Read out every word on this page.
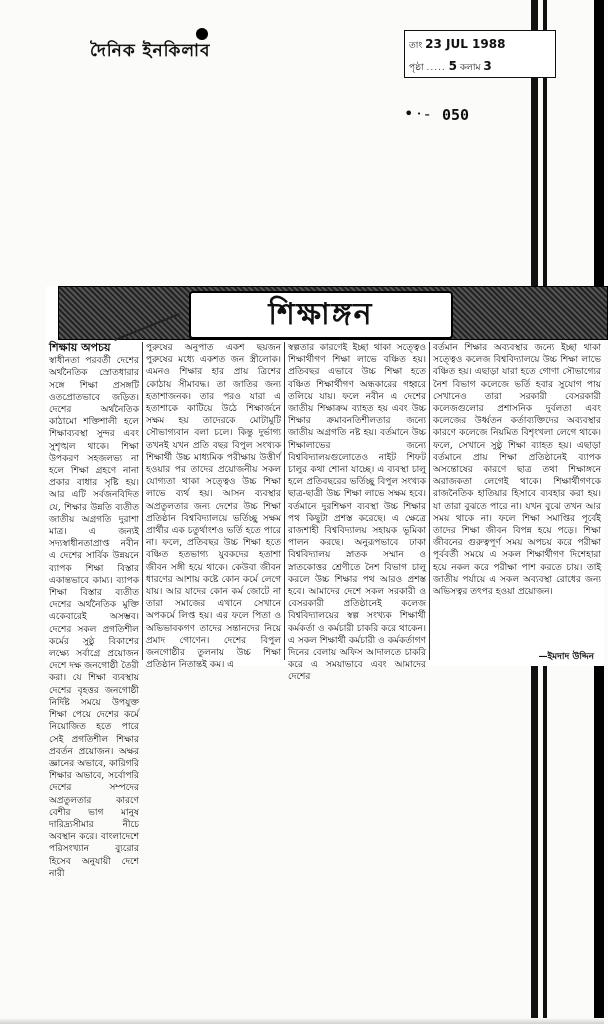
দৈনিক ইনকিলাব	তাং 23 JUL 1988
পৃষ্ঠা ..... 5 কলাম 3
•·- 050
শিক্ষাঙ্গন
শিক্ষায় অপচয়
স্বাধীনতা পরবর্তী দেশের অর্থনৈতিক স্রোতধারার সঙ্গে শিক্ষা প্রসঙ্গটি ওতপ্রোতভাবে জড়িত। দেশের অর্থনৈতিক কাঠামো শক্তিশালী হলে শিক্ষাব্যবস্থা সুন্দর এবং সুশৃঙ্খল থাকে। শিক্ষা উপকরণ সহজলভ্য না হলে শিক্ষা গ্রহণে নানা প্রকার বাধার সৃষ্টি হয়। আর এটি সর্বজনবিদিত যে, শিক্ষার উন্নতি ব্যতীত জাতীয় অগ্রগতি দুরাশা মাত্র। এ জন্যই সদ্যস্বাধীনতাপ্রাপ্ত নবীন এ দেশের সার্বিক উন্নয়নে ব্যাপক শিক্ষা বিস্তার একান্তভাবে কাম্য। ব্যাপক শিক্ষা বিস্তার ব্যতীত দেশের অর্থনৈতিক মুক্তি একেবারেই অসম্ভব। দেশের সকল প্রগতিশীল কর্মের সুষ্ঠু বিকাশের লক্ষ্যে সর্বাগ্রে প্রয়োজন দেশে দক্ষ জনগোষ্ঠী তৈরী করা। যে শিক্ষা ব্যবস্থায় দেশের বৃহত্তর জনগোষ্ঠী নির্দিষ্ট সময়ে উপযুক্ত শিক্ষা পেয়ে দেশের কর্মে নিয়োজিত হতে পারে সেই প্রগতিশীল শিক্ষার প্রবর্তন প্রয়োজন। অক্ষর জ্ঞানের অভাবে, কারিগরি শিক্ষার অভাবে, সর্বোপরি দেশের সম্পদের অপ্রতুলতার কারণে বেশীর ভাগ মানুষ দারিদ্র্যসীমার নীচে অবস্থান করে। বাংলাদেশে পরিসংখ্যান ব্যুরোর হিসেব অনুযায়ী দেশে নারী
পুরুষের অনুপাত একশ ছয়জন পুরুষের মধ্যে একশত জন স্ত্রীলোক। এমনও শিক্ষার হার প্রায় ত্রিশের কোঠায় সীমাবদ্ধ। তা জাতির জন্য হতাশাজনক। তার পরও যারা এ হতাশাকে কাটিয়ে উঠে শিক্ষার্জনে সক্ষম হয় তাদেরকে মোটামুটি সৌভাগ্যবান বলা চলে। কিন্তু দুর্ভাগ্য তখনই যখন প্রতি বছর বিপুল সংখ্যক শিক্ষার্থী উচ্চ মাধ্যমিক পরীক্ষায় উত্তীর্ণ হওয়ার পর তাদের প্রয়োজনীয় সকল যোগ্যতা থাকা সত্ত্বেও উচ্চ শিক্ষা লাভে ব্যর্থ হয়। আসন ব্যবস্থার অপ্রতুলতার জন্য দেশের উচ্চ শিক্ষা প্রতিষ্ঠান বিশ্ববিদ্যালয়ে ভর্তিচ্ছু সক্ষম প্রার্থীর এক চতুর্থাংশও ভর্তি হতে পারে না। ফলে, প্রতিবছর উচ্চ শিক্ষা হতে বঞ্চিত হতভাগ্য যুবকদের হতাশা জীবন সঙ্গী হয়ে থাকে। কেউবা জীবন ধারণের আশায় কষ্টে কোন কর্মে লেগে যায়। আর যাদের কোন কর্ম জোটে না তারা সমাজের এখানে সেখানে অপকর্মে লিপ্ত হয়। এর ফলে পিতা ও অভিভাবকগণ তাদের সন্তানদের নিয়ে প্রমাদ গোণেন। দেশের বিপুল জনগোষ্ঠীর তুলনায় উচ্চ শিক্ষা প্রতিষ্ঠান নিতান্তই কম। এ
স্বল্পতার কারণেই ইচ্ছা থাকা সত্ত্বেও শিক্ষার্থীগণ শিক্ষা লাভে বঞ্চিত হয়। প্রতিবছর এভাবে উচ্চ শিক্ষা হতে বঞ্চিত শিক্ষার্থীগণ অন্ধকারের গহ্বরে তলিয়ে যায়। ফলে নবীন এ দেশের জাতীয় শিক্ষাক্রম ব্যাহত হয় এবং উচ্চ শিক্ষার ক্রমাবনতিশীলতার জন্যে জাতীয় অগ্রগতি নষ্ট হয়। বর্তমানে উচ্চ শিক্ষালাভের জন্যে বিশ্ববিদ্যালয়গুলোতেও নাইট শিফট চালুর কথা শোনা যাচ্ছে। এ ব্যবস্থা চালু হলে প্রতিবছরের ভর্তিচ্ছু বিপুল সংখ্যক ছাত্র-ছাত্রী উচ্চ শিক্ষা লাভে সক্ষম হবে। বর্তমানে দুরশিক্ষণ ব্যবস্থা উচ্চ শিক্ষার পথ কিছুটা প্রশস্ত করেছে। এ ক্ষেত্রে রাজশাহী বিশ্ববিদ্যালয় সহায়ক ভূমিকা পালন করছে। অনুরূপভাবে ঢাকা বিশ্ববিদ্যালয় স্নাতক সম্মান ও স্নাতকোত্তর শ্রেণীতে নৈশ বিভাগ চালু করলে উচ্চ শিক্ষার পথ আরও প্রশস্ত হবে। আমাদের দেশে সকল সরকারী ও বেসরকারী প্রতিষ্ঠানেই কলেজ বিশ্ববিদ্যালয়ের স্বল্প সংখ্যক শিক্ষার্থী কর্মকর্তা ও কর্মচারী চাকরি করে থাকেন। এ সকল শিক্ষার্থী কর্মচারী ও কর্মকর্তাগণ দিনের বেলায় অফিস আদালতে চাকরি করে এ সময়াভাবে এবং আমাদের দেশের
বর্তমান শিক্ষার অব্যবস্থার জন্যে ইচ্ছা থাকা সত্ত্বেও কলেজ বিশ্ববিদ্যালয়ে উচ্চ শিক্ষা লাভে বঞ্চিত হয়। এছাড়া যারা হতে গোণা সৌভাগ্যের নৈশ বিভাগ কলেজে ভর্তি হবার সুযোগ পায় সেখানেও তারা সরকারী বেসরকারী কলেজগুলোর প্রশাসনিক দুর্বলতা এবং কলেজের উর্ধ্বতন কর্তাব্যক্তিদের অব্যবস্থার কারণে কলেজে নিয়মিত বিশৃংখলা লেগে থাকে। ফলে, সেখানে সুষ্ঠু শিক্ষা ব্যাহত হয়। এছাড়া বর্তমানে প্রায় শিক্ষা প্রতিষ্ঠানেই ব্যাপক অসন্তোষের কারণে ছাত্র তথা শিক্ষাঙ্গনে অরাজকতা লেগেই থাকে। শিক্ষার্থীগণকে রাজনৈতিক হাতিয়ার হিসাবে ব্যবহার করা হয়। যা তারা বুঝতে পারে না। যখন বুঝে তখন আর সময় থাকে না। ফলে শিক্ষা সমাপ্তির পূর্বেই তাদের শিক্ষা জীবন বিপন্ন হয়ে পড়ে। শিক্ষা জীবনের গুরুত্বপূর্ণ সময় অপচয় করে পরীক্ষা পূর্ববর্তী সময়ে এ সকল শিক্ষার্থীগণ দিশেহারা হয়ে নকল করে পরীক্ষা পাশ করতে চায়। তাই জাতীয় পর্যায়ে এ সকল অব্যবস্থা রোধের জন্য অভিসত্বর তৎপর হওয়া প্রয়োজন।
—ইমদাদ উদ্দিন
